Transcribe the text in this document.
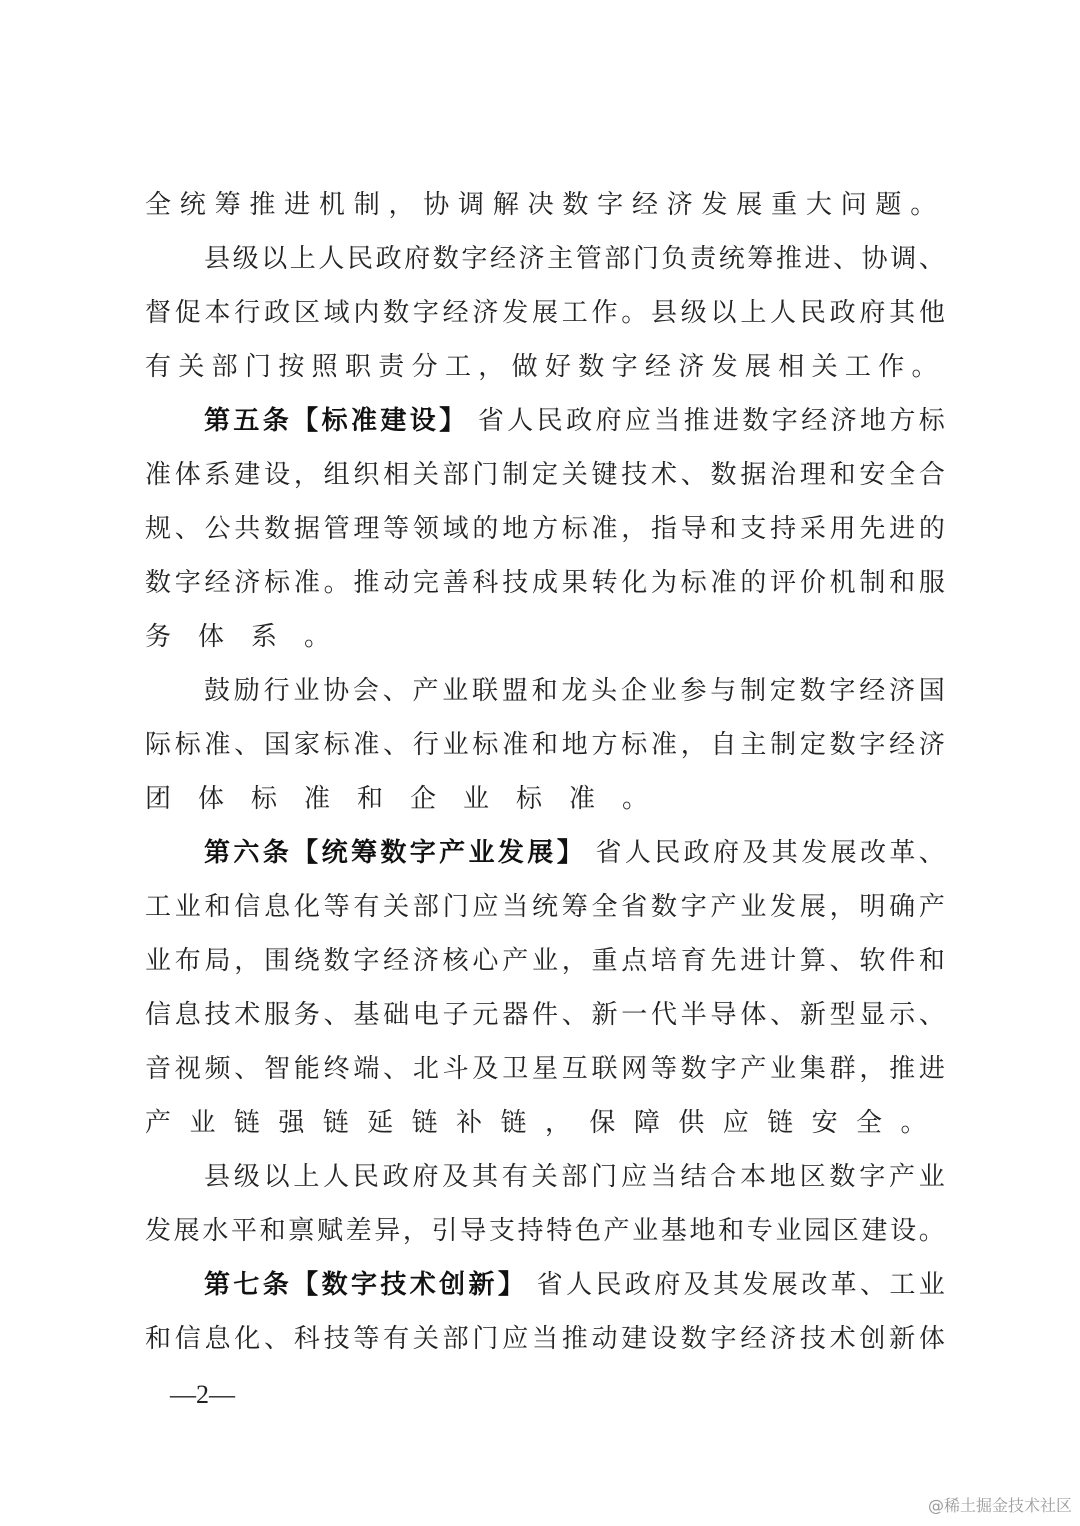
全 统 筹 推 进 机 制 ， 协 调 解 决 数 字 经 济 发 展 重 大 问 题 。
县 级 以 上 人 民 政 府 数 字 经 济 主 管 部 门 负 责 统 筹 推 进 、 协 调 、
督 促 本 行 政 区 域 内 数 字 经 济 发 展 工 作 。 县 级 以 上 人 民 政 府 其 他
有 关 部 门 按 照 职 责 分 工 ， 做 好 数 字 经 济 发 展 相 关 工 作 。
第 五 条 【 标 准 建 设 】 省 人 民 政 府 应 当 推 进 数 字 经 济 地 方 标
准 体 系 建 设 ， 组 织 相 关 部 门 制 定 关 键 技 术 、 数 据 治 理 和 安 全 合
规 、 公 共 数 据 管 理 等 领 域 的 地 方 标 准 ， 指 导 和 支 持 采 用 先 进 的
数 字 经 济 标 准 。 推 动 完 善 科 技 成 果 转 化 为 标 准 的 评 价 机 制 和 服
务	体	系	。
鼓 励 行 业 协 会 、 产 业 联 盟 和 龙 头 企 业 参 与 制 定 数 字 经 济 国
际 标 准 、 国 家 标 准 、 行 业 标 准 和 地 方 标 准 ， 自 主 制 定 数 字 经 济
团	体	标	准	和	企	业	标	准	。
第 六 条 【 统 筹 数 字 产 业 发 展 】 省 人 民 政 府 及 其 发 展 改 革 、
工 业 和 信 息 化 等 有 关 部 门 应 当 统 筹 全 省 数 字 产 业 发 展 ， 明 确 产
业 布 局 ， 围 绕 数 字 经 济 核 心 产 业 ， 重 点 培 育 先 进 计 算 、 软 件 和
信 息 技 术 服 务 、 基 础 电 子 元 器 件 、 新 一 代 半 导 体 、 新 型 显 示 、
音 视 频 、 智 能 终 端 、 北 斗 及 卫 星 互 联 网 等 数 字 产 业 集 群 ， 推 进
产 业 链 强 链 延 链 补 链 ， 保 障 供 应 链 安 全 。
县 级 以 上 人 民 政 府 及 其 有 关 部 门 应 当 结 合 本 地 区 数 字 产 业
发 展 水 平 和 禀 赋 差 异 ， 引 导 支 持 特 色 产 业 基 地 和 专 业 园 区 建 设 。
第 七 条 【 数 字 技 术 创 新 】 省 人 民 政 府 及 其 发 展 改 革 、 工 业
和 信 息 化 、 科 技 等 有 关 部 门 应 当 推 动 建 设 数 字 经 济 技 术 创 新 体
—2—
@稀土掘金技术社区
